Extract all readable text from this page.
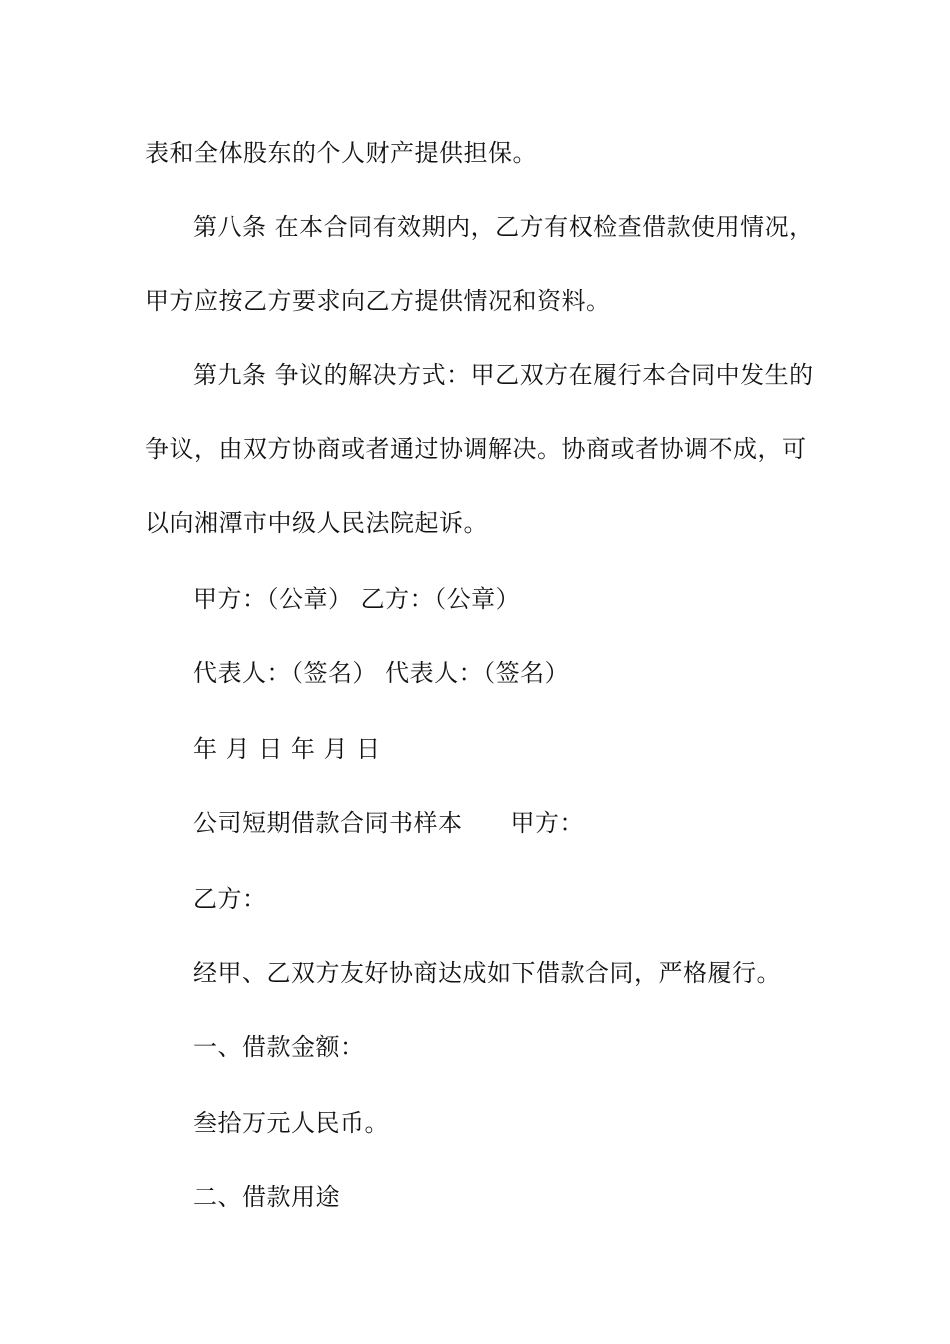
表和全体股东的个人财产提供担保。
第八条 在本合同有效期内，乙方有权检查借款使用情况，
甲方应按乙方要求向乙方提供情况和资料。
第九条 争议的解决方式：甲乙双方在履行本合同中发生的
争议，由双方协商或者通过协调解决。协商或者协调不成，可
以向湘潭市中级人民法院起诉。
甲方：（公章） 乙方：（公章）
代表人：（签名） 代表人：（签名）
年 月 日 年 月 日
公司短期借款合同书样本 甲方：
乙方：
经甲、乙双方友好协商达成如下借款合同，严格履行。
一、借款金额：
叁拾万元人民币。
二、借款用途
